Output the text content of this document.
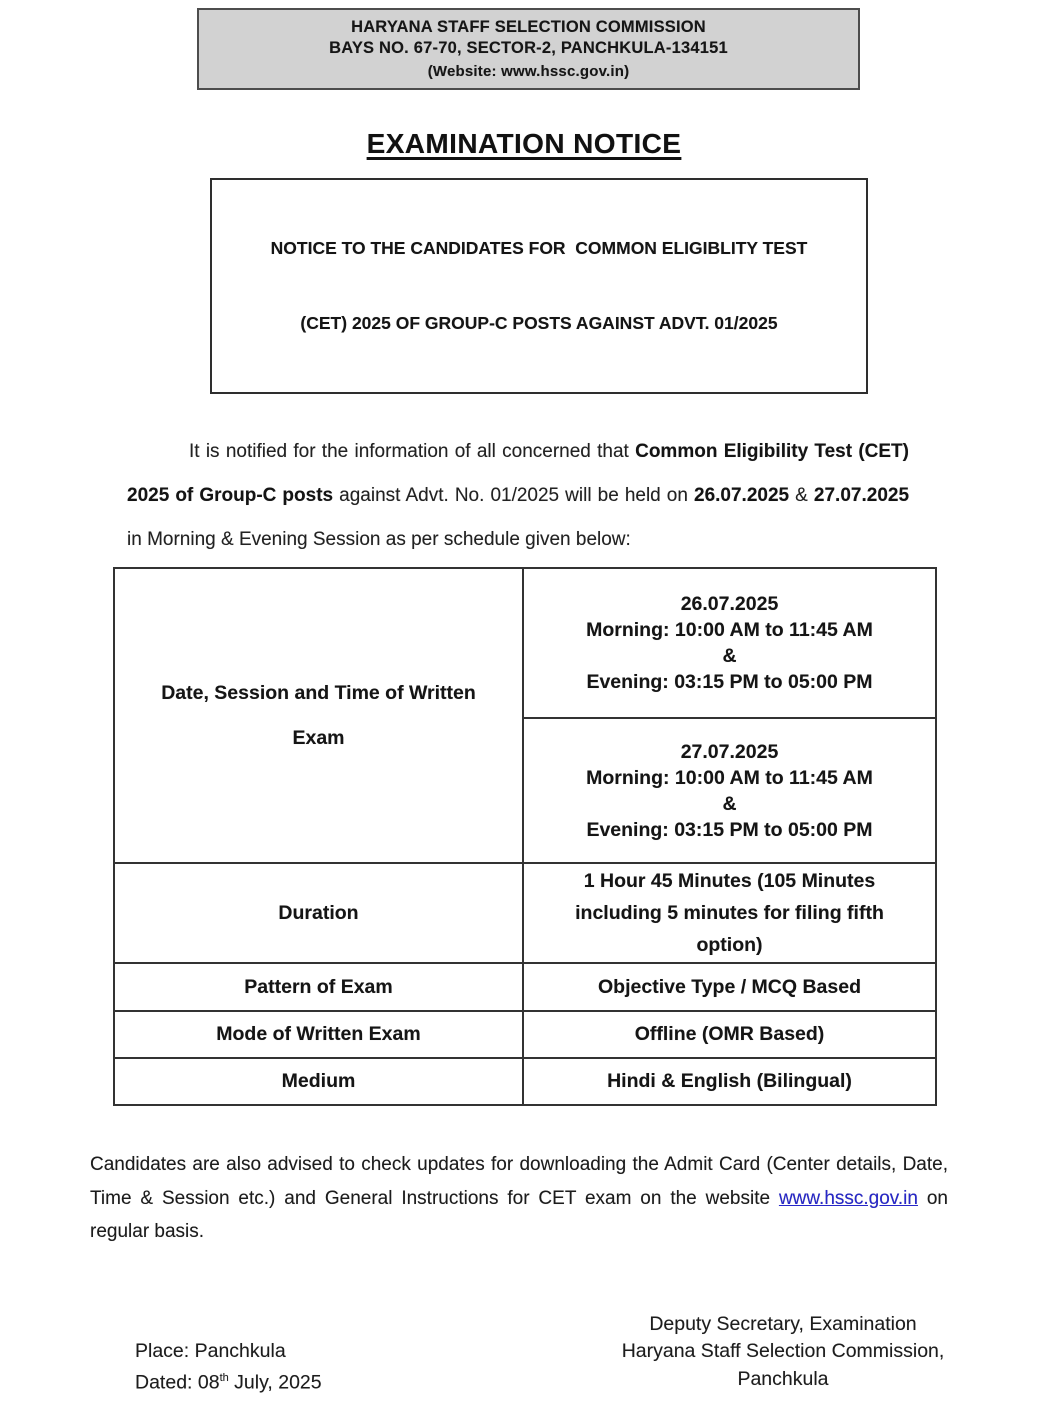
HARYANA STAFF SELECTION COMMISSION
BAYS NO. 67-70, SECTOR-2, PANCHKULA-134151
(Website: www.hssc.gov.in)
EXAMINATION NOTICE

NOTICE TO THE CANDIDATES FOR  COMMON ELIGIBLITY TEST

(CET) 2025 OF GROUP-C POSTS AGAINST ADVT. 01/2025

It is notified for the information of all concerned that Common Eligibility Test (CET) 2025 of Group-C posts against Advt. No. 01/2025 will be held on 26.07.2025 & 27.07.2025 in Morning & Evening Session as per schedule given below:

Date, Session and Time of Written Exam	26.07.2025
Morning: 10:00 AM to 11:45 AM
&
Evening: 03:15 PM to 05:00 PM

	27.07.2025
Morning: 10:00 AM to 11:45 AM
&
Evening: 03:15 PM to 05:00 PM

Duration	1 Hour 45 Minutes (105 Minutes including 5 minutes for filing fifth option)
Pattern of Exam	Objective Type / MCQ Based
Mode of Written Exam	Offline (OMR Based)
Medium	Hindi & English (Bilingual)

Candidates are also advised to check updates for downloading the Admit Card (Center details, Date, Time & Session etc.) and General Instructions for CET exam on the website www.hssc.gov.in on regular basis.

Place: Panchkula
Dated: 08th July, 2025
Deputy Secretary, Examination
Haryana Staff Selection Commission,
Panchkula
